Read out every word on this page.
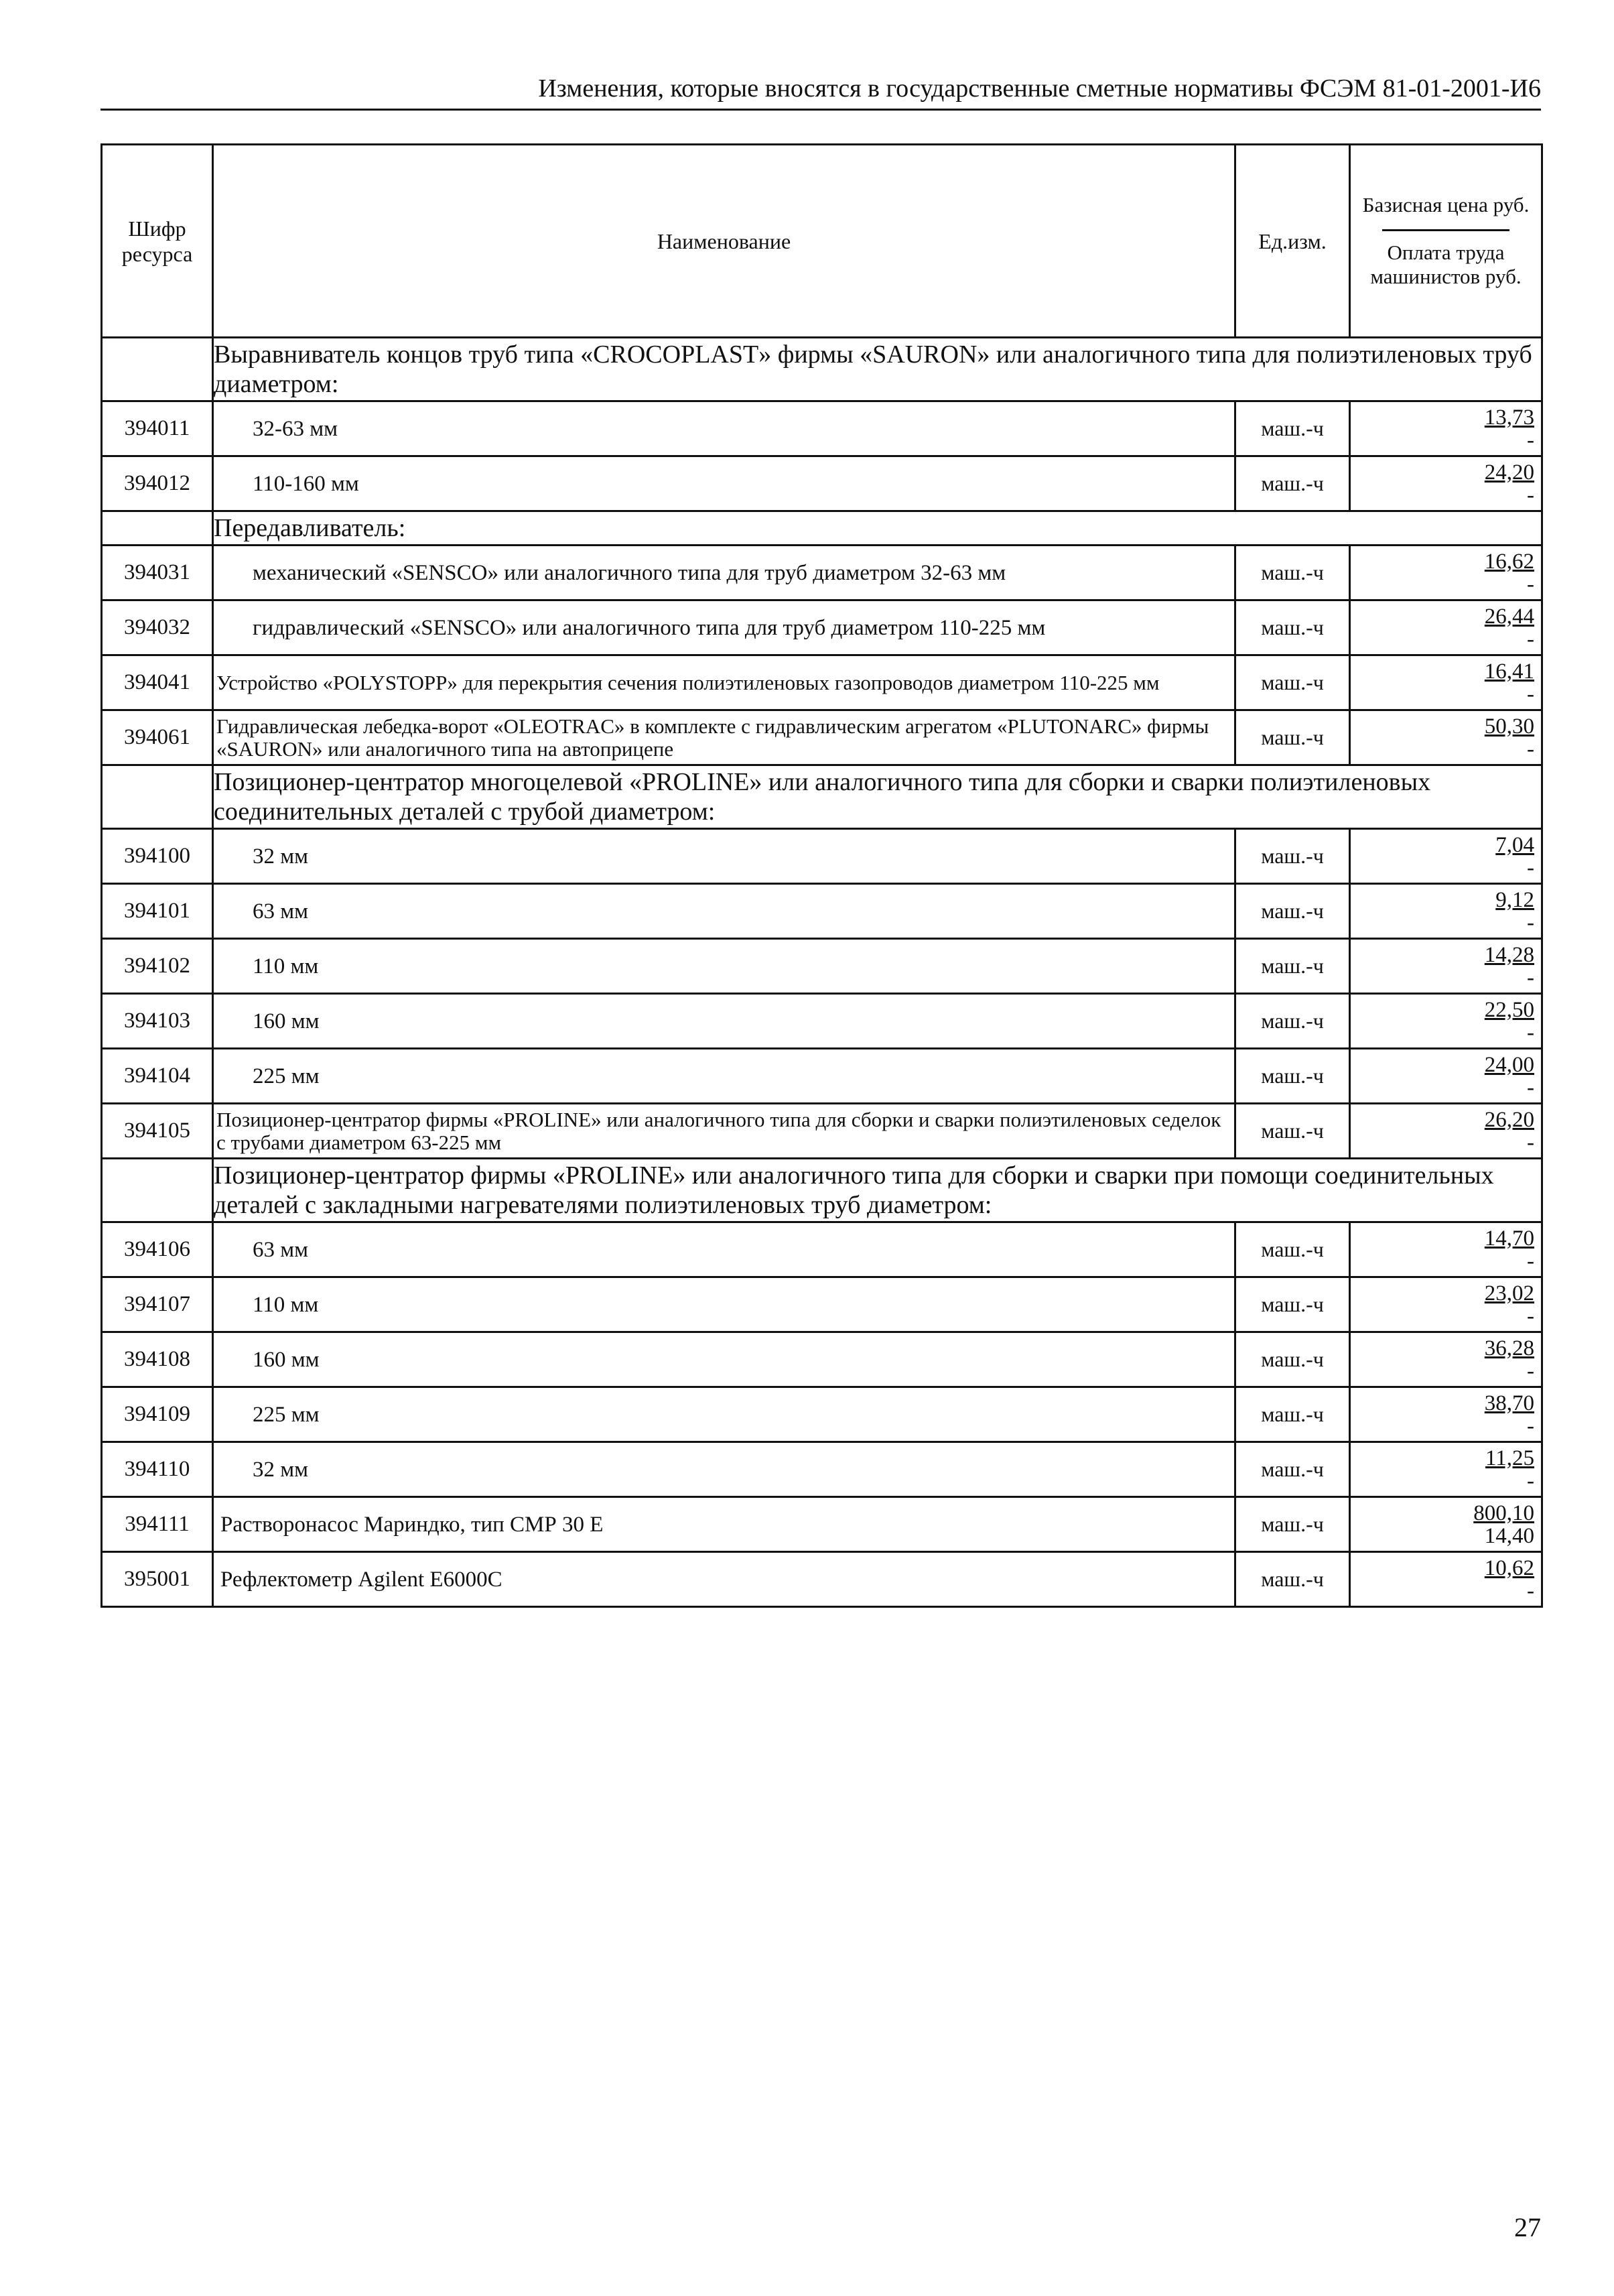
Изменения, которые вносятся в государственные сметные нормативы ФСЭМ 81-01-2001-И6
Шифр ресурса	Наименование	Ед.изм.	Базисная цена руб.
Оплата труда машинистов руб.

	Выравниватель концов труб типа «CROCOPLAST» фирмы «SAURON» или аналогичного типа для полиэтиленовых труб диаметром:		
394011	32-63 мм	маш.-ч	13,73
-

394012	110-160 мм	маш.-ч	24,20
-

	Передавливатель:		
394031	механический «SENSCO» или аналогичного типа для труб диаметром 32-63 мм	маш.-ч	16,62
-

394032	гидравлический «SENSCO» или аналогичного типа для труб диаметром 110-225 мм	маш.-ч	26,44
-

394041	Устройство «POLYSTOPP» для перекрытия сечения полиэтиленовых газопроводов диаметром 110-225 мм	маш.-ч	16,41
-

394061	Гидравлическая лебедка-ворот «OLEOTRAC» в комплекте с гидравлическим агрегатом «PLUTONARC» фирмы «SAURON» или аналогичного типа на автоприцепе	маш.-ч	50,30
-

	Позиционер-центратор многоцелевой «PROLINE» или аналогичного типа для сборки и сварки полиэтиленовых соединительных деталей с трубой диаметром:		
394100	32 мм	маш.-ч	7,04
-

394101	63 мм	маш.-ч	9,12
-

394102	110 мм	маш.-ч	14,28
-

394103	160 мм	маш.-ч	22,50
-

394104	225 мм	маш.-ч	24,00
-

394105	Позиционер-центратор фирмы «PROLINE» или аналогичного типа для сборки и сварки полиэтиленовых седелок с трубами диаметром 63-225 мм	маш.-ч	26,20
-

	Позиционер-центратор фирмы «PROLINE» или аналогичного типа для сборки и сварки при помощи соединительных деталей с закладными нагревателями полиэтиленовых труб диаметром:		
394106	63 мм	маш.-ч	14,70
-

394107	110 мм	маш.-ч	23,02
-

394108	160 мм	маш.-ч	36,28
-

394109	225 мм	маш.-ч	38,70
-

394110	32 мм	маш.-ч	11,25
-

394111	Растворонасос Мариндко, тип СМР 30 Е	маш.-ч	800,10
14,40

395001	Рефлектометр Agilent E6000C	маш.-ч	10,62
-
27
